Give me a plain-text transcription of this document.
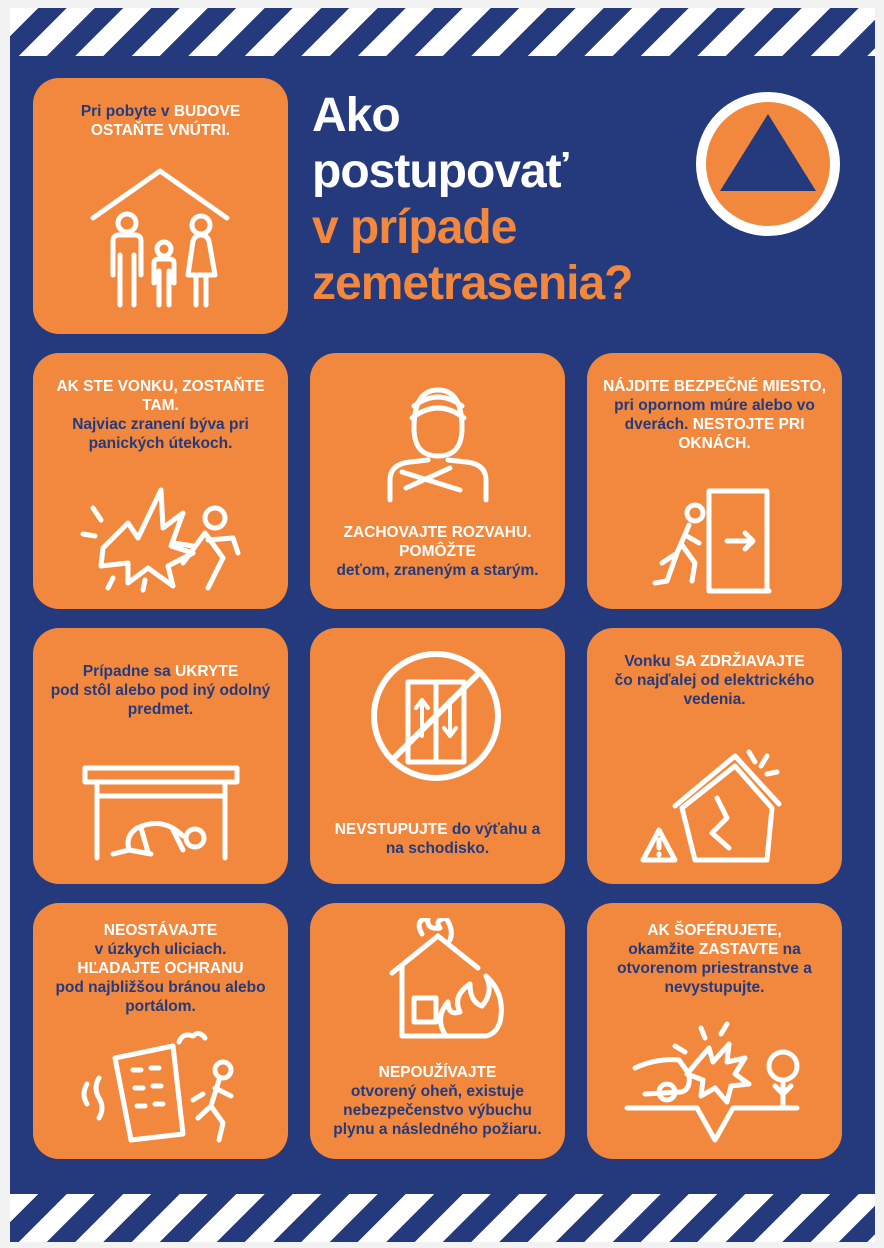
Ako
postupovať
v prípade
zemetrasenia?
Pri pobyte v BUDOVE
OSTAŇTE VNÚTRI.
AK STE VONKU, ZOSTAŇTE TAM.
Najviac zranení býva pri panických útekoch.
ZACHOVAJTE ROZVAHU. POMÔŽTE
deťom, zraneným a starým.
NÁJDITE BEZPEČNÉ MIESTO, pri opornom múre alebo vo dverách. NESTOJTE PRI OKNÁCH.
Prípadne sa UKRYTE
pod stôl alebo pod iný odolný predmet.
NEVSTUPUJTE do výťahu a na schodisko.
Vonku SA ZDRŽIAVAJTE
čo najďalej od elektrického vedenia.
NEOSTÁVAJTE
v úzkych uliciach.
HĽADAJTE OCHRANU
pod najbližšou bránou alebo portálom.
NEPOUŽÍVAJTE
otvorený oheň, existuje nebezpečenstvo výbuchu plynu a následného požiaru.
AK ŠOFÉRUJETE,
okamžite ZASTAVTE na otvorenom priestranstve a nevystupujte.
